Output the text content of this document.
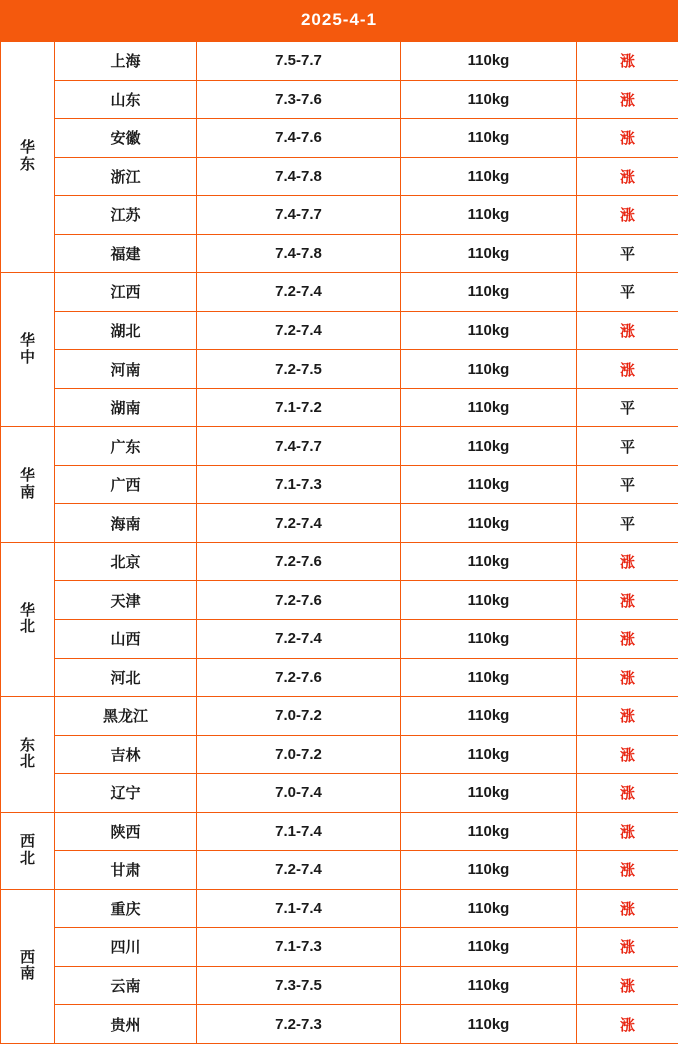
2025-4-1
华东	上海	7.5-7.7	110kg	涨
	山东	7.3-7.6	110kg	涨
	安徽	7.4-7.6	110kg	涨
	浙江	7.4-7.8	110kg	涨
	江苏	7.4-7.7	110kg	涨
	福建	7.4-7.8	110kg	平

华中	江西	7.2-7.4	110kg	平
	湖北	7.2-7.4	110kg	涨
	河南	7.2-7.5	110kg	涨
	湖南	7.1-7.2	110kg	平

华南	广东	7.4-7.7	110kg	平
	广西	7.1-7.3	110kg	平
	海南	7.2-7.4	110kg	平

华北	北京	7.2-7.6	110kg	涨
	天津	7.2-7.6	110kg	涨
	山西	7.2-7.4	110kg	涨
	河北	7.2-7.6	110kg	涨

东北	黑龙江	7.0-7.2	110kg	涨
	吉林	7.0-7.2	110kg	涨
	辽宁	7.0-7.4	110kg	涨

西北	陕西	7.1-7.4	110kg	涨
	甘肃	7.2-7.4	110kg	涨

西南	重庆	7.1-7.4	110kg	涨
	四川	7.1-7.3	110kg	涨
	云南	7.3-7.5	110kg	涨
	贵州	7.2-7.3	110kg	涨
